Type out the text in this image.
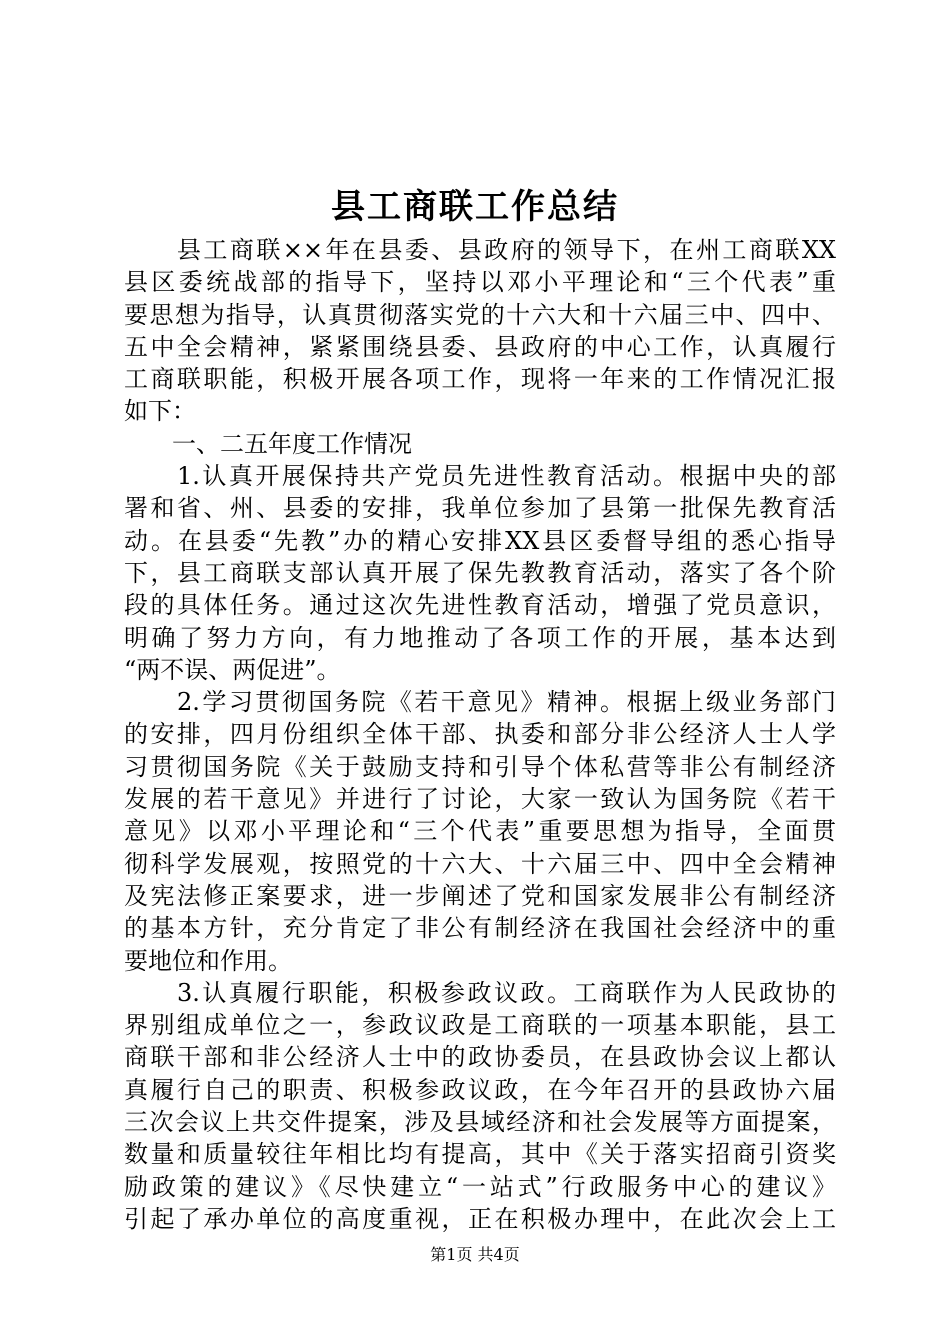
县工商联工作总结
　　县工商联××年在县委、县政府的领导下，在州工商联XX
县区委统战部的指导下，坚持以邓小平理论和“三个代表”重
要思想为指导，认真贯彻落实党的十六大和十六届三中、四中、
五中全会精神，紧紧围绕县委、县政府的中心工作，认真履行
工商联职能，积极开展各项工作，现将一年来的工作情况汇报
如下：
　　一、二五年度工作情况
　　1.认真开展保持共产党员先进性教育活动。根据中央的部
署和省、州、县委的安排，我单位参加了县第一批保先教育活
动。在县委“先教”办的精心安排XX县区委督导组的悉心指导
下，县工商联支部认真开展了保先教教育活动，落实了各个阶
段的具体任务。通过这次先进性教育活动，增强了党员意识，
明确了努力方向，有力地推动了各项工作的开展，基本达到
“两不误、两促进”。
　　2.学习贯彻国务院《若干意见》精神。根据上级业务部门
的安排，四月份组织全体干部、执委和部分非公经济人士人学
习贯彻国务院《关于鼓励支持和引导个体私营等非公有制经济
发展的若干意见》并进行了讨论，大家一致认为国务院《若干
意见》以邓小平理论和“三个代表”重要思想为指导，全面贯
彻科学发展观，按照党的十六大、十六届三中、四中全会精神
及宪法修正案要求，进一步阐述了党和国家发展非公有制经济
的基本方针，充分肯定了非公有制经济在我国社会经济中的重
要地位和作用。
　　3.认真履行职能，积极参政议政。工商联作为人民政协的
界别组成单位之一，参政议政是工商联的一项基本职能，县工
商联干部和非公经济人士中的政协委员，在县政协会议上都认
真履行自己的职责、积极参政议政，在今年召开的县政协六届
三次会议上共交件提案，涉及县域经济和社会发展等方面提案，
数量和质量较往年相比均有提高，其中《关于落实招商引资奖
励政策的建议》《尽快建立“一站式”行政服务中心的建议》
引起了承办单位的高度重视，正在积极办理中，在此次会上工
第1页 共4页
